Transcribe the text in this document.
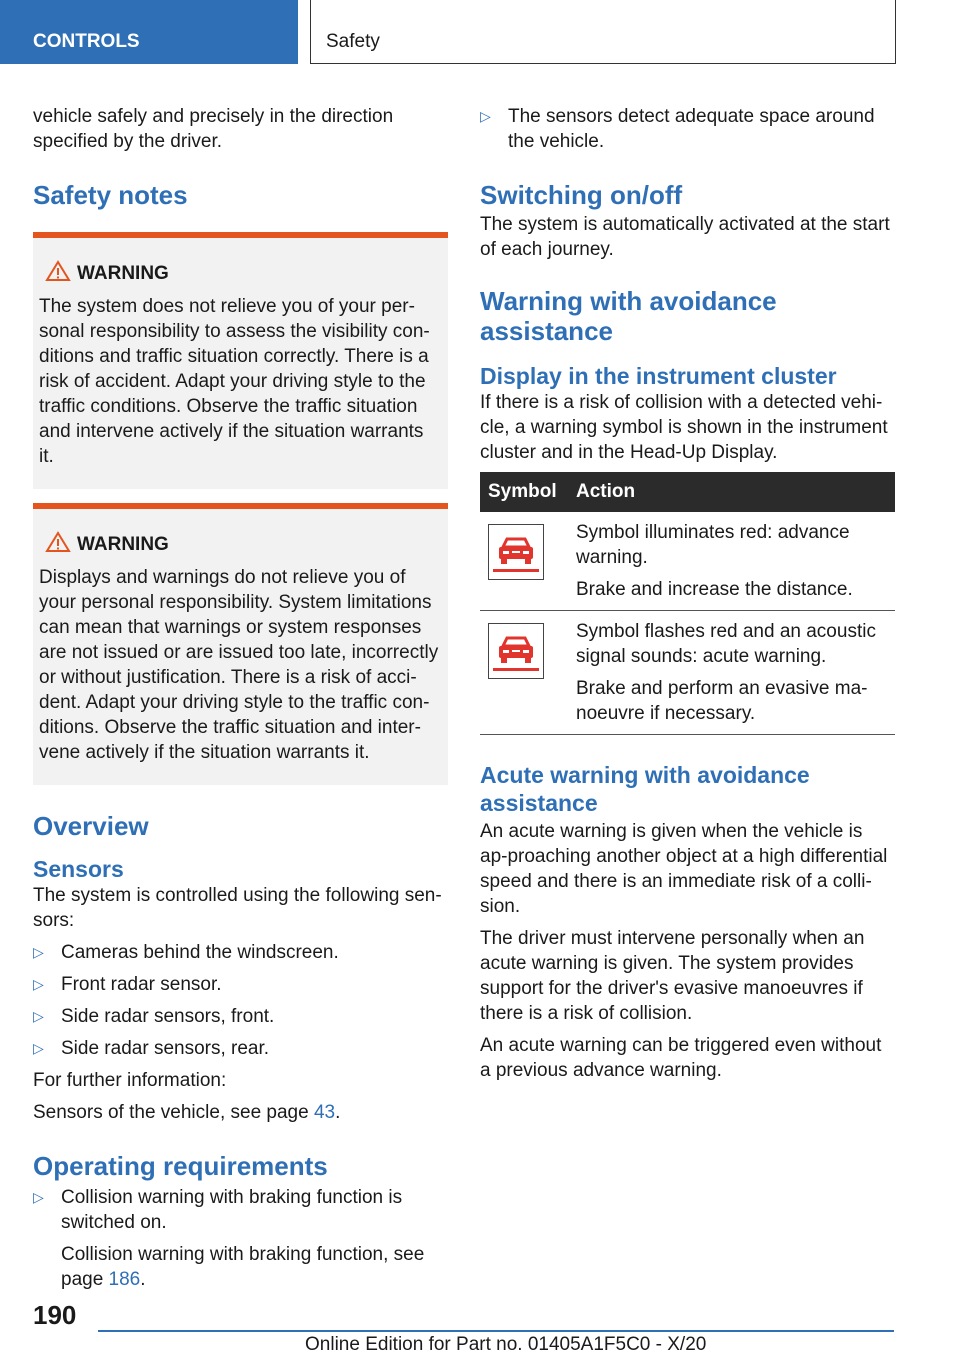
CONTROLS	Safety

vehicle safely and precisely in the direction specified by the driver.

Safety notes
WARNING

The system does not relieve you of your per-sonal responsibility to assess the visibility con-ditions and traffic situation correctly. There is a risk of accident. Adapt your driving style to the traffic conditions. Observe the traffic situation and intervene actively if the situation warrants it.

WARNING

Displays and warnings do not relieve you of your personal responsibility. System limitations can mean that warnings or system responses are not issued or are issued too late, incorrectly or without justification. There is a risk of acci-dent. Adapt your driving style to the traffic con-ditions. Observe the traffic situation and inter-vene actively if the situation warrants it.

Overview
Sensors

The system is controlled using the following sen-sors:

▷ Cameras behind the windscreen.
▷ Front radar sensor.
▷ Side radar sensors, front.
▷ Side radar sensors, rear.

For further information:

Sensors of the vehicle, see page 43.

Operating requirements
▷ Collision warning with braking function is switched on.

Collision warning with braking function, see page 186.

▷ The sensors detect adequate space around the vehicle.
Switching on/off

The system is automatically activated at the start of each journey.

Warning with avoidance assistance
Display in the instrument cluster

If there is a risk of collision with a detected vehi-cle, a warning symbol is shown in the instrument cluster and in the Head-Up Display.

Symbol	Action

Symbol illuminates red: advance warning.

Brake and increase the distance.

Symbol flashes red and an acoustic signal sounds: acute warning.

Brake and perform an evasive ma-noeuvre if necessary.

Acute warning with avoidance assistance

An acute warning is given when the vehicle is ap-proaching another object at a high differential speed and there is an immediate risk of a colli-sion.

The driver must intervene personally when an acute warning is given. The system provides support for the driver's evasive manoeuvres if there is a risk of collision.

An acute warning can be triggered even without a previous advance warning.

190
Online Edition for Part no. 01405A1F5C0 - X/20
